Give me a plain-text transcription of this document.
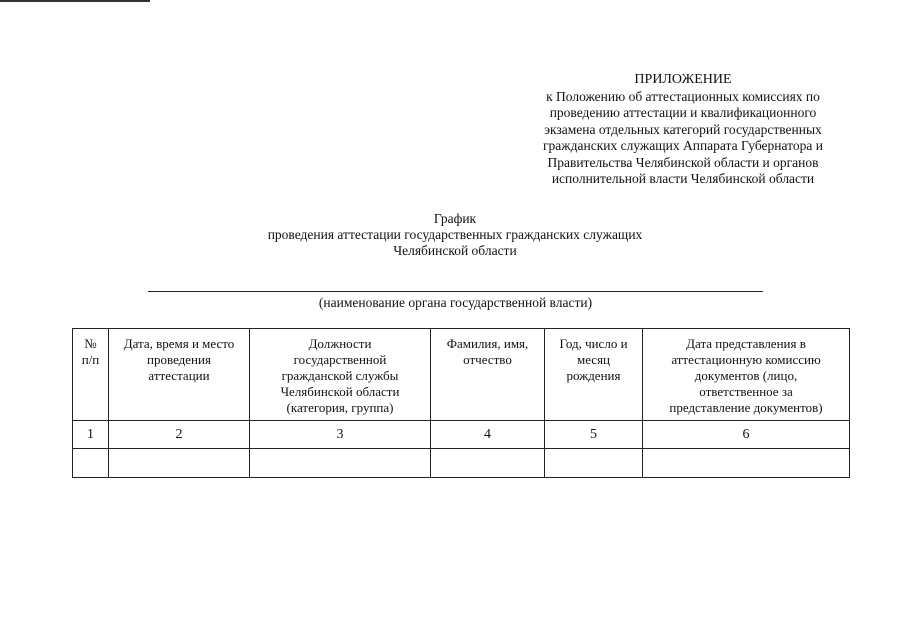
ПРИЛОЖЕНИЕ
к Положению об аттестационных комиссиях по
проведению аттестации и квалификационного
экзамена отдельных категорий государственных
гражданских служащих Аппарата Губернатора и
Правительства Челябинской области и органов
исполнительной власти Челябинской области
График
проведения аттестации государственных гражданских служащих
Челябинской области
(наименование органа государственной власти)
№
п/п	Дата, время и место
проведения
аттестации	Должности
государственной
гражданской службы
Челябинской области
(категория, группа)	Фамилия, имя,
отчество	Год, число и
месяц
рождения	Дата представления в
аттестационную комиссию
документов (лицо,
ответственное за
представление документов)

1	2	3	4	5	6
